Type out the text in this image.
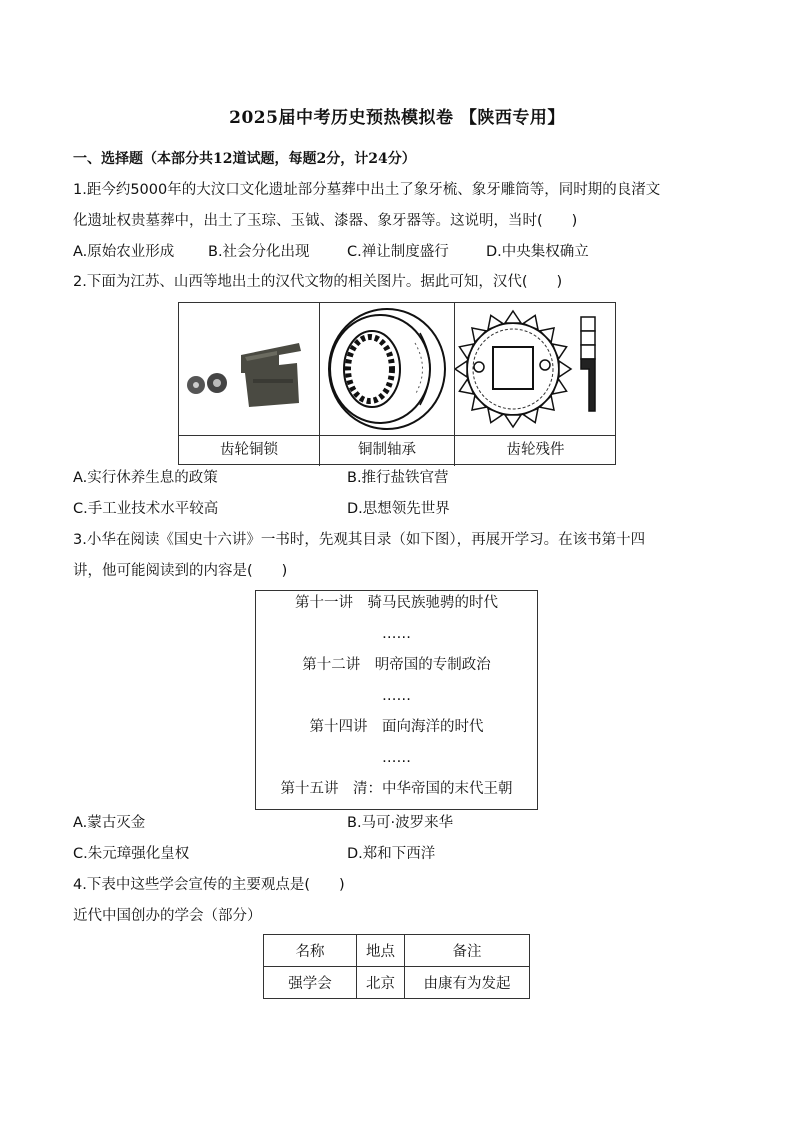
2025届中考历史预热模拟卷 【陕西专用】
一、选择题（本部分共12道试题，每题2分，计24分）
1.距今约5000年的大汶口文化遗址部分墓葬中出土了象牙梳、象牙雕筒等，同时期的良渚文
化遗址权贵墓葬中，出土了玉琮、玉钺、漆器、象牙器等。这说明，当时(　　)
A.原始农业形成 B.社会分化出现	C.禅让制度盛行	D.中央集权确立
2.下面为江苏、山西等地出土的汉代文物的相关图片。据此可知，汉代(　　)
齿轮铜锁	铜制轴承	齿轮残件
A.实行休养生息的政策	B.推行盐铁官营
C.手工业技术水平较高	D.思想领先世界
3.小华在阅读《国史十六讲》一书时，先观其目录（如下图），再展开学习。在该书第十四
讲，他可能阅读到的内容是(　　)
第十一讲　骑马民族驰骋的时代
……
第十二讲　明帝国的专制政治
……
第十四讲　面向海洋的时代
……
第十五讲　清：中华帝国的末代王朝
A.蒙古灭金	B.马可·波罗来华
C.朱元璋强化皇权	D.郑和下西洋
4.下表中这些学会宣传的主要观点是(　　)
近代中国创办的学会（部分）
名称	地点	备注
强学会	北京	由康有为发起
